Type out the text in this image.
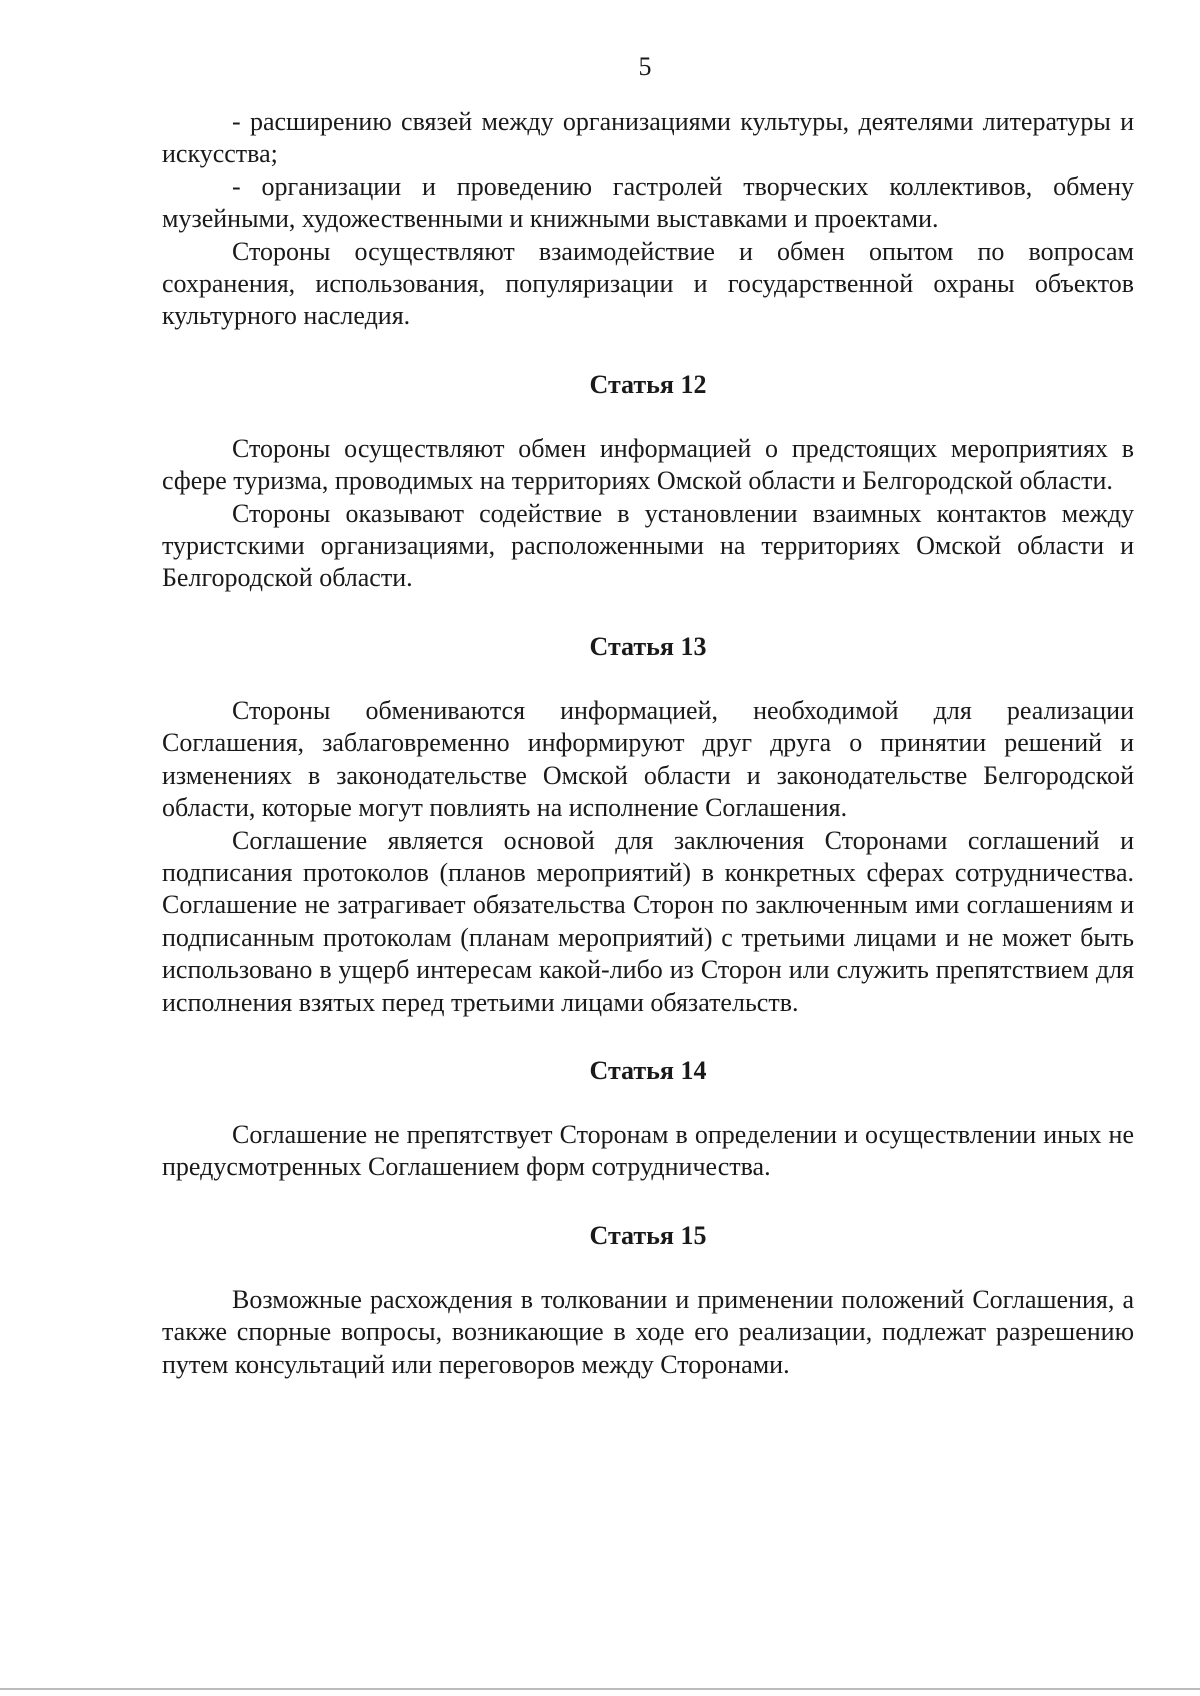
5

- расширению связей между организациями культуры, деятелями литературы и искусства;

- организации и проведению гастролей творческих коллективов, обмену музейными, художественными и книжными выставками и проектами.

Стороны осуществляют взаимодействие и обмен опытом по вопросам сохранения, использования, популяризации и государственной охраны объектов культурного наследия.

Статья 12

Стороны осуществляют обмен информацией о предстоящих мероприятиях в сфере туризма, проводимых на территориях Омской области и Белгородской области.

Стороны оказывают содействие в установлении взаимных контактов между туристскими организациями, расположенными на территориях Омской области и Белгородской области.

Статья 13

Стороны обмениваются информацией, необходимой для реализации Соглашения, заблаговременно информируют друг друга о принятии решений и изменениях в законодательстве Омской области и законодательстве Белгородской области, которые могут повлиять на исполнение Соглашения.

Соглашение является основой для заключения Сторонами соглашений и подписания протоколов (планов мероприятий) в конкретных сферах сотрудничества. Соглашение не затрагивает обязательства Сторон по заключенным ими соглашениям и подписанным протоколам (планам мероприятий) с третьими лицами и не может быть использовано в ущерб интересам какой-либо из Сторон или служить препятствием для исполнения взятых перед третьими лицами обязательств.

Статья 14

Соглашение не препятствует Сторонам в определении и осуществлении иных не предусмотренных Соглашением форм сотрудничества.

Статья 15

Возможные расхождения в толковании и применении положений Соглашения, а также спорные вопросы, возникающие в ходе его реализации, подлежат разрешению путем консультаций или переговоров между Сторонами.
